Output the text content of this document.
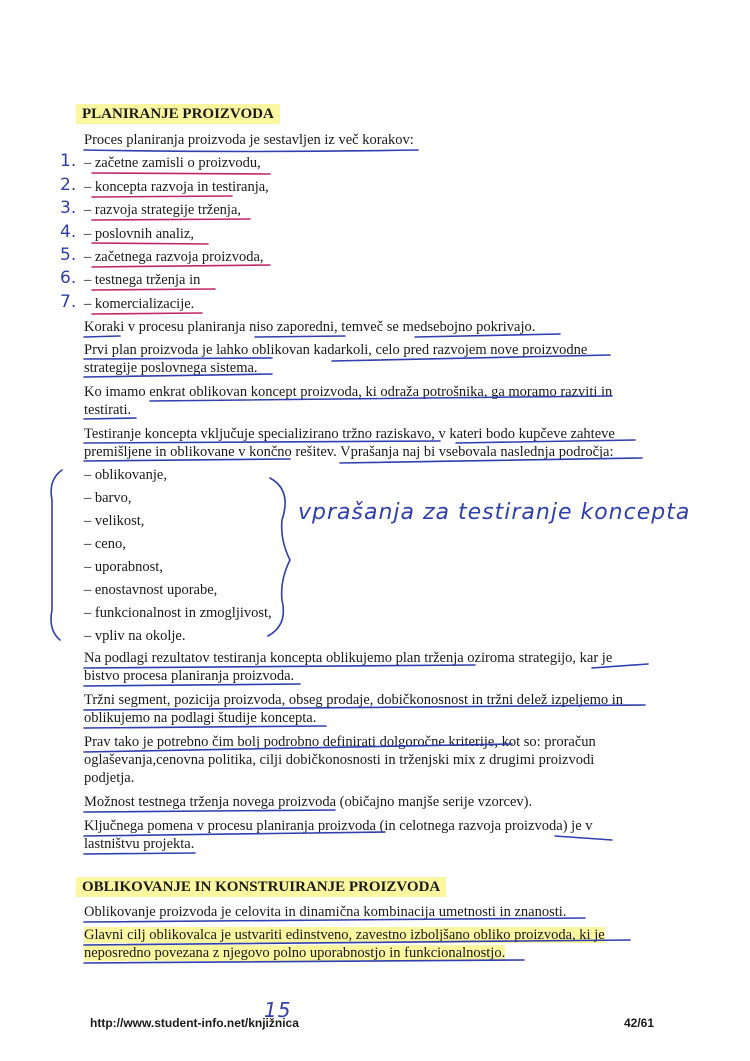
PLANIRANJE PROIZVODA
Proces planiranja proizvoda je sestavljen iz več korakov:
1. – začetne zamisli o proizvodu,
2. – koncepta razvoja in testiranja,
3. – razvoja strategije trženja,
4. – poslovnih analiz,
5. – začetnega razvoja proizvoda,
6. – testnega trženja in
7. – komercializacije.
Koraki v procesu planiranja niso zaporedni, temveč se medsebojno pokrivajo.
Prvi plan proizvoda je lahko oblikovan kadarkoli, celo pred razvojem nove proizvodne
strategije poslovnega sistema.
Ko imamo enkrat oblikovan koncept proizvoda, ki odraža potrošnika, ga moramo razviti in
testirati.
Testiranje koncepta vključuje specializirano tržno raziskavo, v kateri bodo kupčeve zahteve
premišljene in oblikovane v končno rešitev. Vprašanja naj bi vsebovala naslednja področja:
– oblikovanje,
– barvo,
– velikost,
– ceno,
– uporabnost,
– enostavnost uporabe,
– funkcionalnost in zmogljivost,
– vpliv na okolje.
vprašanja za testiranje koncepta
Na podlagi rezultatov testiranja koncepta oblikujemo plan trženja oziroma strategijo, kar je
bistvo procesa planiranja proizvoda.
Tržni segment, pozicija proizvoda, obseg prodaje, dobičkonosnost in tržni delež izpeljemo in
oblikujemo na podlagi študije koncepta.
Prav tako je potrebno čim bolj podrobno definirati dolgoročne kriterije, kot so: proračun
oglaševanja,cenovna politika, cilji dobičkonosnosti in trženjski mix z drugimi proizvodi
podjetja.
Možnost testnega trženja novega proizvoda (običajno manjše serije vzorcev).
Ključnega pomena v procesu planiranja proizvoda (in celotnega razvoja proizvoda) je v
lastništvu projekta.
OBLIKOVANJE IN KONSTRUIRANJE PROIZVODA
Oblikovanje proizvoda je celovita in dinamična kombinacija umetnosti in znanosti.
Glavni cilj oblikovalca je ustvariti edinstveno, zavestno izboljšano obliko proizvoda, ki je
neposredno povezana z njegovo polno uporabnostjo in funkcionalnostjo.
http://www.student-info.net/knjižnica	42/61
15
